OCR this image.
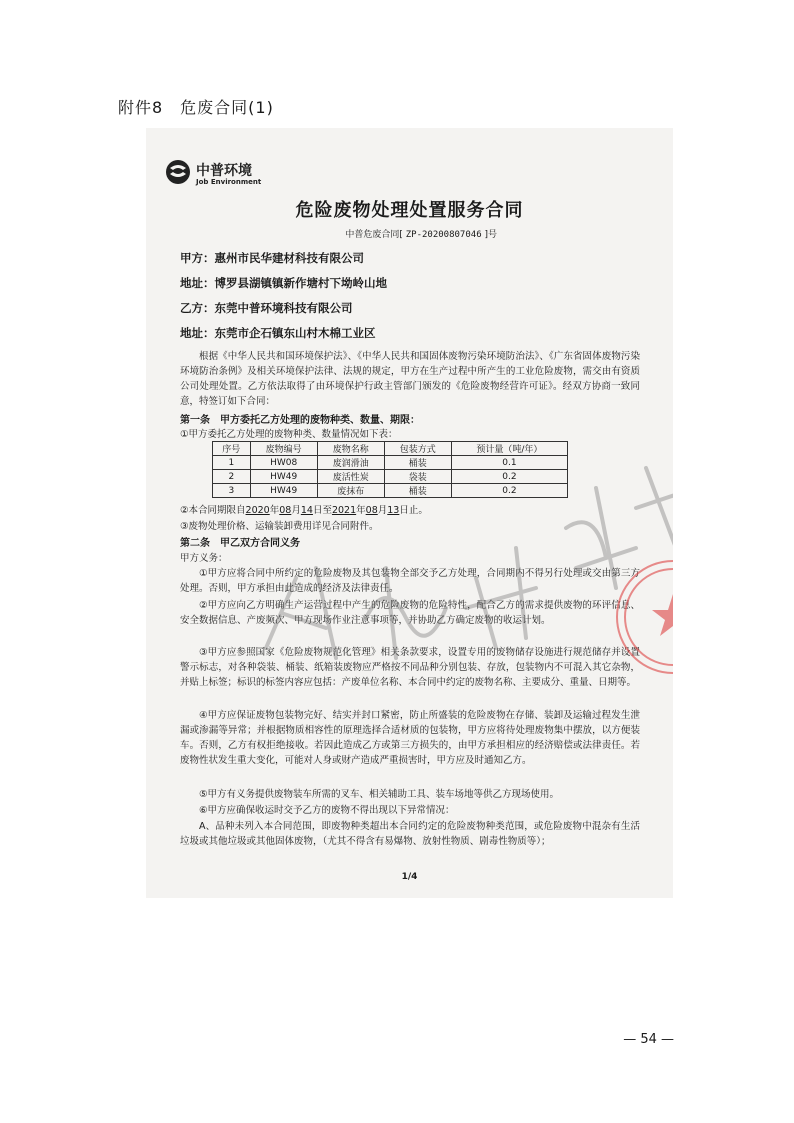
附件8　危废合同(1)
中普环境
Job Environment
危险废物处理处置服务合同
中普危废合同[ ZP-20200807046 ]号
甲方：惠州市民华建材科技有限公司
地址：博罗县湖镇镇新作塘村下坳岭山地
乙方：东莞中普环境科技有限公司
地址：东莞市企石镇东山村木棉工业区
根据《中华人民共和国环境保护法》、《中华人民共和国固体废物污染环境防治法》、《广东省固体废物污染环境防治条例》及相关环境保护法律、法规的规定，甲方在生产过程中所产生的工业危险废物，需交由有资质公司处理处置。乙方依法取得了由环境保护行政主管部门颁发的《危险废物经营许可证》。经双方协商一致同意，特签订如下合同：
第一条　甲方委托乙方处理的废物种类、数量、期限：
①甲方委托乙方处理的废物种类、数量情况如下表：
序号	废物编号	废物名称	包装方式	预计量（吨/年）
1	HW08	废润滑油	桶装	0.1
2	HW49	废活性炭	袋装	0.2
3	HW49	废抹布	桶装	0.2
②本合同期限自2020年08月14日至2021年08月13日止。
③废物处理价格、运输装卸费用详见合同附件。
第二条　甲乙双方合同义务
甲方义务：
①甲方应将合同中所约定的危险废物及其包装物全部交予乙方处理，合同期内不得另行处理或交由第三方处理。否则，甲方承担由此造成的经济及法律责任。
②甲方应向乙方明确生产运营过程中产生的危险废物的危险特性，配合乙方的需求提供废物的环评信息、安全数据信息、产废频次、甲方现场作业注意事项等，并协助乙方确定废物的收运计划。
③甲方应参照国家《危险废物规范化管理》相关条款要求，设置专用的废物储存设施进行规范储存并设置警示标志，对各种袋装、桶装、纸箱装废物应严格按不同品种分别包装、存放，包装物内不可混入其它杂物，并贴上标签；标识的标签内容应包括：产废单位名称、本合同中约定的废物名称、主要成分、重量、日期等。
④甲方应保证废物包装物完好、结实并封口紧密，防止所盛装的危险废物在存储、装卸及运输过程发生泄漏或渗漏等异常；并根据物质相容性的原理选择合适材质的包装物，甲方应将待处理废物集中摆放，以方便装车。否则，乙方有权拒绝接收。若因此造成乙方或第三方损失的，由甲方承担相应的经济赔偿或法律责任。若废物性状发生重大变化，可能对人身或财产造成严重损害时，甲方应及时通知乙方。
⑤甲方有义务提供废物装车所需的叉车、相关辅助工具、装车场地等供乙方现场使用。
⑥甲方应确保收运时交予乙方的废物不得出现以下异常情况：
A、品种未列入本合同范围，即废物种类超出本合同约定的危险废物种类范围，或危险废物中混杂有生活垃圾或其他垃圾或其他固体废物，（尤其不得含有易爆物、放射性物质、剧毒性物质等）；
1/4
— 54 —
